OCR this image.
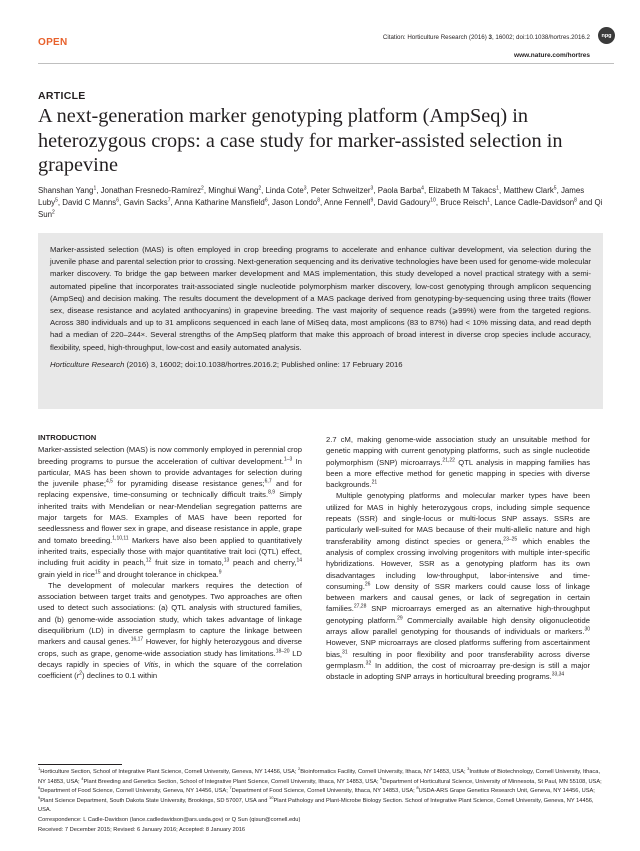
OPEN	Citation: Horticulture Research (2016) 3, 16002; doi:10.1038/hortres.2016.2 npg
www.nature.com/hortres
ARTICLE
A next-generation marker genotyping platform (AmpSeq) in heterozygous crops: a case study for marker-assisted selection in grapevine
Shanshan Yang$^1$, Jonathan Fresnedo-Ramírez$^2$, Minghui Wang$^2$, Linda Cote$^3$, Peter Schweitzer$^3$, Paola Barba$^4$, Elizabeth M Takacs$^1$, Matthew Clark$^5$, James Luby$^5$, David C Manns$^6$, Gavin Sacks$^7$, Anna Katharine Mansfield$^6$, Jason Londo$^8$, Anne Fennell$^9$, David Gadoury$^{10}$, Bruce Reisch$^1$, Lance Cadle-Davidson$^8$ and Qi Sun$^2$
Marker-assisted selection (MAS) is often employed in crop breeding programs to accelerate and enhance cultivar development, via selection during the juvenile phase and parental selection prior to crossing. Next-generation sequencing and its derivative technologies have been used for genome-wide molecular marker discovery. To bridge the gap between marker development and MAS implementation, this study developed a novel practical strategy with a semi-automated pipeline that incorporates trait-associated single nucleotide polymorphism marker discovery, low-cost genotyping through amplicon sequencing (AmpSeq) and decision making. The results document the development of a MAS package derived from genotyping-by-sequencing using three traits (flower sex, disease resistance and acylated anthocyanins) in grapevine breeding. The vast majority of sequence reads (⩾99%) were from the targeted regions. Across 380 individuals and up to 31 amplicons sequenced in each lane of MiSeq data, most amplicons (83 to 87%) had < 10% missing data, and read depth had a median of 220–244×. Several strengths of the AmpSeq platform that make this approach of broad interest in diverse crop species include accuracy, flexibility, speed, high-throughput, low-cost and easily automated analysis.
Horticulture Research (2016) 3, 16002; doi:10.1038/hortres.2016.2; Published online: 17 February 2016
INTRODUCTION

Marker-assisted selection (MAS) is now commonly employed in perennial crop breeding programs to pursue the acceleration of cultivar development.$^{1-3}$ In particular, MAS has been shown to provide advantages for selection during the juvenile phase;$^{4,5}$ for pyramiding disease resistance genes;$^{6,7}$ and for replacing expensive, time-consuming or technically difficult traits.$^{8,9}$ Simply inherited traits with Mendelian or near-Mendelian segregation patterns are major targets for MAS. Examples of MAS have been reported for seedlessness and flower sex in grape, and disease resistance in apple, grape and tomato breeding.$^{1,10,11}$ Markers have also been applied to quantitatively inherited traits, especially those with major quantitative trait loci (QTL) effect, including fruit acidity in peach,$^{12}$ fruit size in tomato,$^{13}$ peach and cherry,$^{14}$ grain yield in rice$^{15}$ and drought tolerance in chickpea.$^9$

The development of molecular markers requires the detection of association between target traits and genotypes. Two approaches are often used to detect such associations: (a) QTL analysis with structured families, and (b) genome-wide association study, which takes advantage of linkage disequilibrium (LD) in diverse germplasm to capture the linkage between markers and causal genes.$^{16,17}$ However, for highly heterozygous and diverse crops, such as grape, genome-wide association study has limitations.$^{18-20}$ LD decays rapidly in species of Vitis, in which the square of the correlation coefficient $(r^2)$ declines to 0.1 within

2.7 cM, making genome-wide association study an unsuitable method for genetic mapping with current genotyping platforms, such as single nucleotide polymorphism (SNP) microarrays.$^{21,22}$ QTL analysis in mapping families has been a more effective method for genetic mapping in species with diverse backgrounds.$^{21}$

Multiple genotyping platforms and molecular marker types have been utilized for MAS in highly heterozygous crops, including simple sequence repeats (SSR) and single-locus or multi-locus SNP assays. SSRs are particularly well-suited for MAS because of their multi-allelic nature and high transferability among distinct species or genera,$^{23-25}$ which enables the analysis of complex crossing involving progenitors with multiple inter-specific hybridizations. However, SSR as a genotyping platform has its own disadvantages including low-throughput, labor-intensive and time-consuming.$^{26}$ Low density of SSR markers could cause loss of linkage between markers and causal genes, or lack of segregation in certain families.$^{27,28}$ SNP microarrays emerged as an alternative high-throughput genotyping platform.$^{29}$ Commercially available high density oligonucleotide arrays allow parallel genotyping for thousands of individuals or markers.$^{30}$ However, SNP microarrays are closed platforms suffering from ascertainment bias,$^{31}$ resulting in poor flexibility and poor transferability across diverse germplasm.$^{32}$ In addition, the cost of microarray pre-design is still a major obstacle in adopting SNP arrays in horticultural breeding programs.$^{33,34}$

$^1$Horticulture Section, School of Integrative Plant Science, Cornell University, Geneva, NY 14456, USA; $^2$Bioinformatics Facility, Cornell University, Ithaca, NY 14853, USA; $^3$Institute of Biotechnology, Cornell University, Ithaca, NY 14853, USA; $^4$Plant Breeding and Genetics Section, School of Integrative Plant Science, Cornell University, Ithaca, NY 14853, USA; $^5$Department of Horticultural Science, University of Minnesota, St Paul, MN 55108, USA; $^6$Department of Food Science, Cornell University, Geneva, NY 14456, USA; $^7$Department of Food Science, Cornell University, Ithaca, NY 14853, USA; $^8$USDA-ARS Grape Genetics Research Unit, Geneva, NY 14456, USA; $^9$Plant Science Department, South Dakota State University, Brookings, SD 57007, USA and $^{10}$Plant Pathology and Plant-Microbe Biology Section. School of Integrative Plant Science, Cornell University, Geneva, NY 14456, USA.
Correspondence: L Cadle-Davidson (lance.cadledavidson@ars.usda.gov) or Q Sun (qisun@cornell.edu)
Received: 7 December 2015; Revised: 6 January 2016; Accepted: 8 January 2016
